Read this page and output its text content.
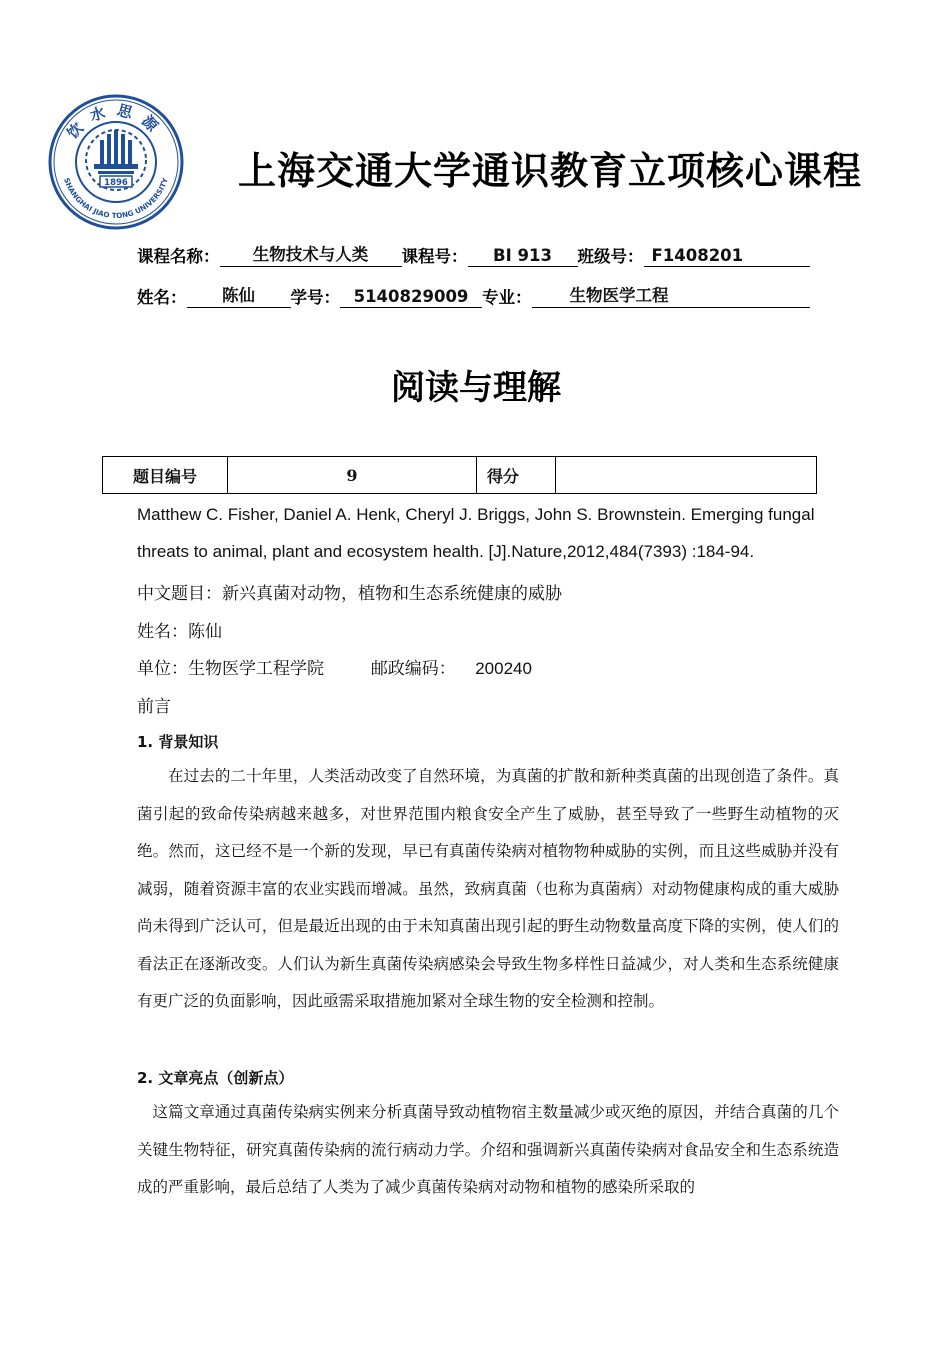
饮水思源
SHANGHAI JIAO TONG UNIVERSITY
1896	上海交通大学通识教育立项核心课程
课程名称：	生物技术与人类	课程号：	BI 913	班级号： F1408201
姓名：	陈仙	学号： 5140829009 专业：	生物医学工程
阅读与理解
题目编号	9	得分	
Matthew C. Fisher, Daniel A. Henk, Cheryl J. Briggs, John S. Brownstein. Emerging fungal
threats to animal, plant and ecosystem health. [J].Nature,2012,484(7393) :184-94.
中文题目：新兴真菌对动物，植物和生态系统健康的威胁
姓名：陈仙
单位：生物医学工程学院	邮政编码： 200240
前言
1. 背景知识

在过去的二十年里，人类活动改变了自然环境，为真菌的扩散和新种类真菌的出现创造了条件。真菌引起的致命传染病越来越多，对世界范围内粮食安全产生了威胁，甚至导致了一些野生动植物的灭绝。然而，这已经不是一个新的发现，早已有真菌传染病对植物物种威胁的实例，而且这些威胁并没有减弱，随着资源丰富的农业实践而增减。虽然，致病真菌（也称为真菌病）对动物健康构成的重大威胁尚未得到广泛认可，但是最近出现的由于未知真菌出现引起的野生动物数量高度下降的实例，使人们的看法正在逐渐改变。人们认为新生真菌传染病感染会导致生物多样性日益减少，对人类和生态系统健康有更广泛的负面影响，因此亟需采取措施加紧对全球生物的安全检测和控制。

2. 文章亮点（创新点）

这篇文章通过真菌传染病实例来分析真菌导致动植物宿主数量减少或灭绝的原因，并结合真菌的几个关键生物特征，研究真菌传染病的流行病动力学。介绍和强调新兴真菌传染病对食品安全和生态系统造成的严重影响，最后总结了人类为了减少真菌传染病对动物和植物的感染所采取的
